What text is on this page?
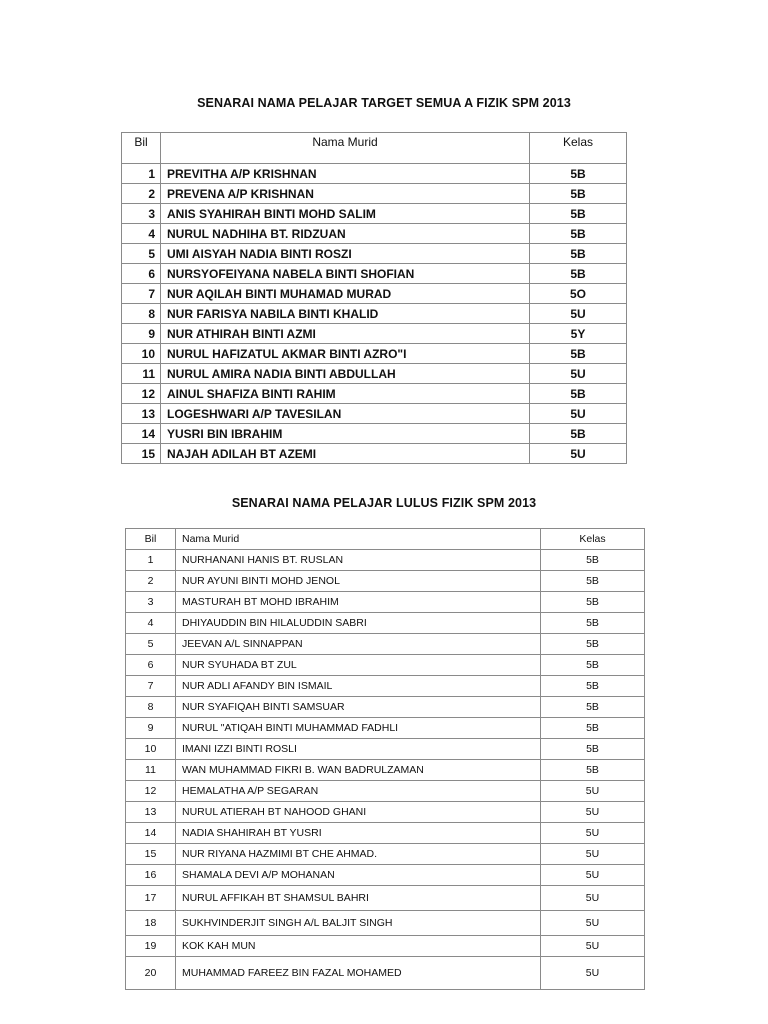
SENARAI NAMA PELAJAR TARGET SEMUA A FIZIK SPM 2013
Bil	Nama Murid	Kelas
1	PREVITHA A/P KRISHNAN	5B
2	PREVENA A/P KRISHNAN	5B
3	ANIS SYAHIRAH BINTI MOHD SALIM	5B
4	NURUL NADHIHA BT. RIDZUAN	5B
5	UMI AISYAH NADIA BINTI ROSZI	5B
6	NURSYOFEIYANA NABELA BINTI SHOFIAN	5B
7	NUR AQILAH BINTI MUHAMAD MURAD	5O
8	NUR FARISYA NABILA BINTI KHALID	5U
9	NUR ATHIRAH BINTI AZMI	5Y
10	NURUL HAFIZATUL AKMAR BINTI AZRO"I	5B
11	NURUL AMIRA NADIA BINTI ABDULLAH	5U
12	AINUL SHAFIZA BINTI RAHIM	5B
13	LOGESHWARI A/P TAVESILAN	5U
14	YUSRI BIN IBRAHIM	5B
15	NAJAH ADILAH BT AZEMI	5U
SENARAI NAMA PELAJAR LULUS FIZIK SPM 2013
Bil	Nama Murid	Kelas
1	NURHANANI HANIS BT. RUSLAN	5B
2	NUR AYUNI BINTI MOHD JENOL	5B
3	MASTURAH BT MOHD IBRAHIM	5B
4	DHIYAUDDIN BIN HILALUDDIN SABRI	5B
5	JEEVAN A/L SINNAPPAN	5B
6	NUR SYUHADA BT ZUL	5B
7	NUR ADLI AFANDY BIN ISMAIL	5B
8	NUR SYAFIQAH BINTI SAMSUAR	5B
9	NURUL "ATIQAH BINTI MUHAMMAD FADHLI	5B
10	IMANI IZZI BINTI ROSLI	5B
11	WAN MUHAMMAD FIKRI B. WAN BADRULZAMAN	5B
12	HEMALATHA A/P SEGARAN	5U
13	NURUL ATIERAH BT NAHOOD GHANI	5U
14	NADIA SHAHIRAH BT YUSRI	5U
15	NUR RIYANA HAZMIMI BT CHE AHMAD.	5U
16	SHAMALA DEVI A/P MOHANAN	5U
17	NURUL AFFIKAH BT SHAMSUL BAHRI	5U
18	SUKHVINDERJIT SINGH A/L BALJIT SINGH	5U
19	KOK KAH MUN	5U
20	MUHAMMAD FAREEZ BIN FAZAL MOHAMED	5U
